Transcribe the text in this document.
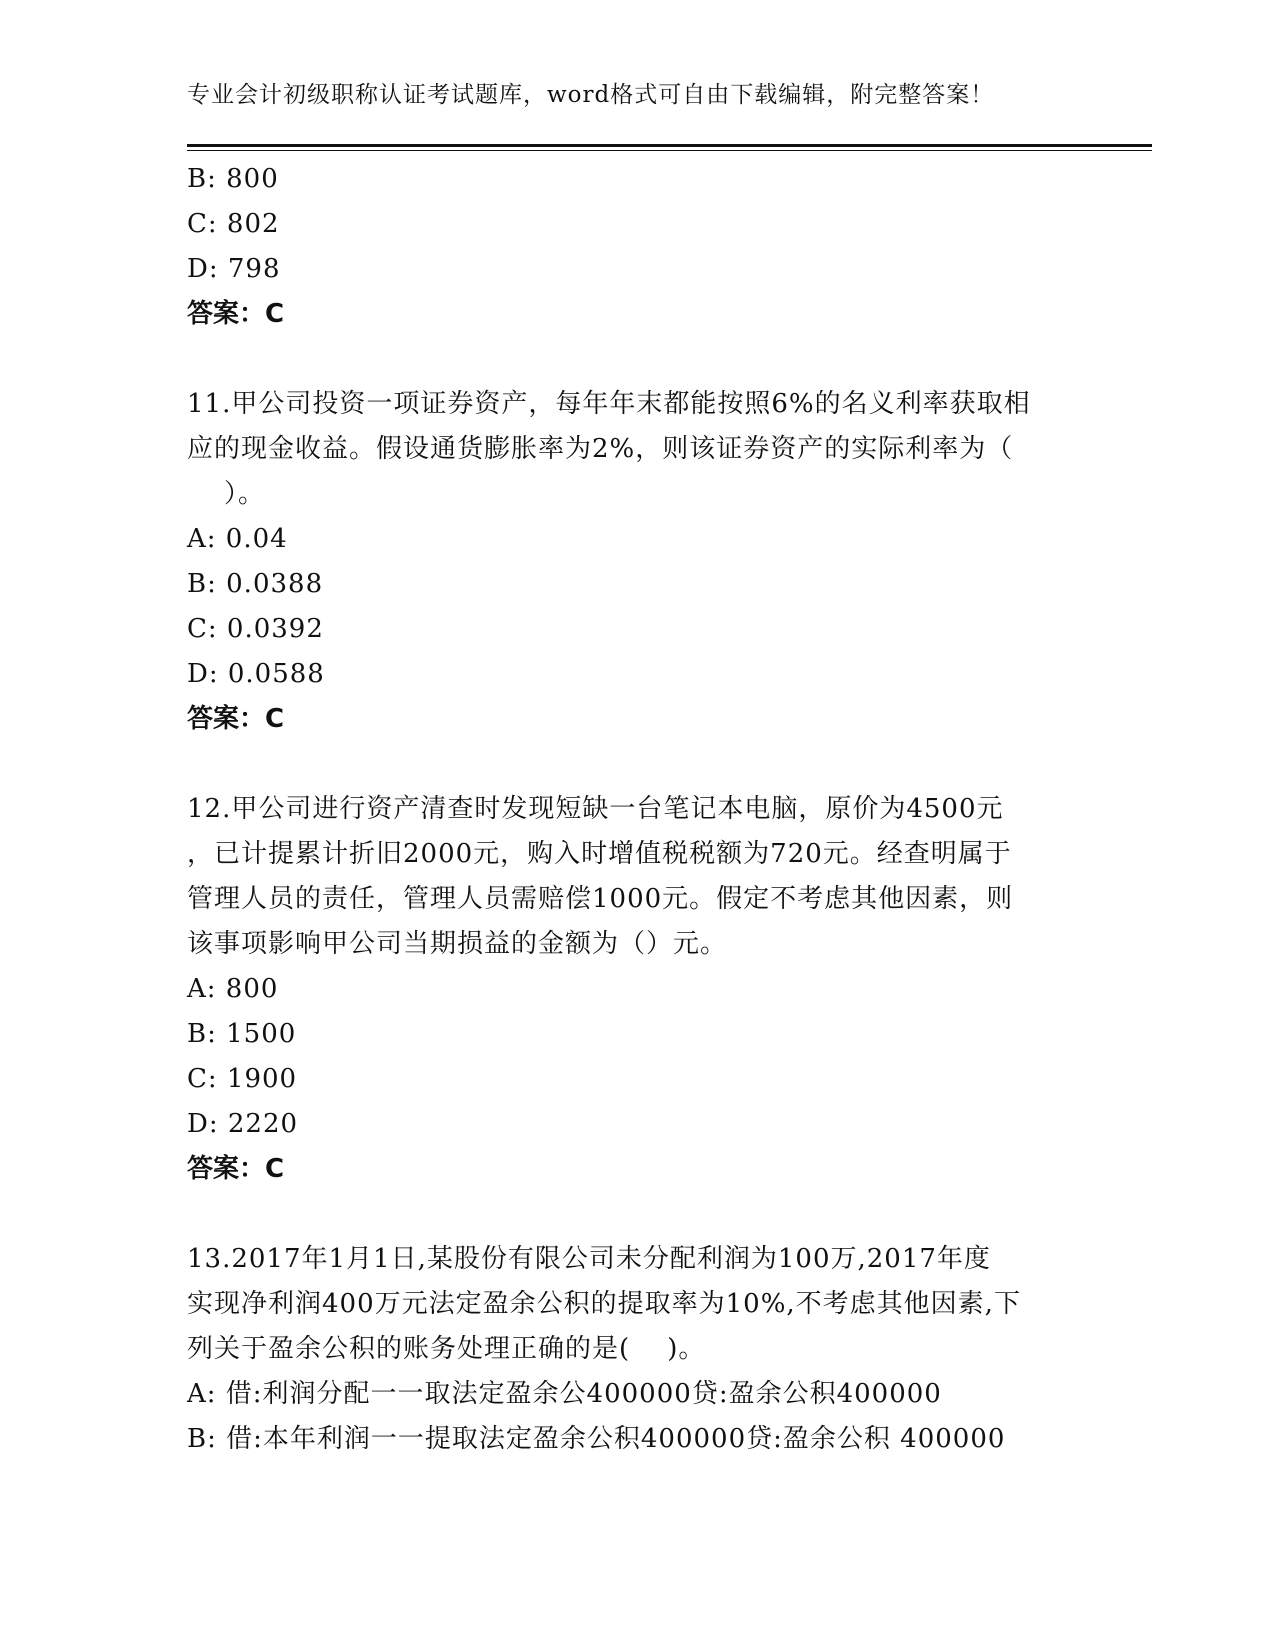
专业会计初级职称认证考试题库，word格式可自由下载编辑，附完整答案！
B: 800
C: 802
D: 798
答案：C
11.甲公司投资一项证券资产，每年年末都能按照6%的名义利率获取相
应的现金收益。假设通货膨胀率为2%，则该证券资产的实际利率为（
）。
A: 0.04
B: 0.0388
C: 0.0392
D: 0.0588
答案：C
12.甲公司进行资产清查时发现短缺一台笔记本电脑，原价为4500元
，已计提累计折旧2000元，购入时增值税税额为720元。经查明属于
管理人员的责任，管理人员需赔偿1000元。假定不考虑其他因素，则
该事项影响甲公司当期损益的金额为（）元。
A: 800
B: 1500
C: 1900
D: 2220
答案：C
13.2017年1月1日,某股份有限公司未分配利润为100万,2017年度
实现净利润400万元法定盈余公积的提取率为10%,不考虑其他因素,下
列关于盈余公积的账务处理正确的是(    )。
A: 借:利润分配一一取法定盈余公400000贷:盈余公积400000
B: 借:本年利润一一提取法定盈余公积400000贷:盈余公积 400000
